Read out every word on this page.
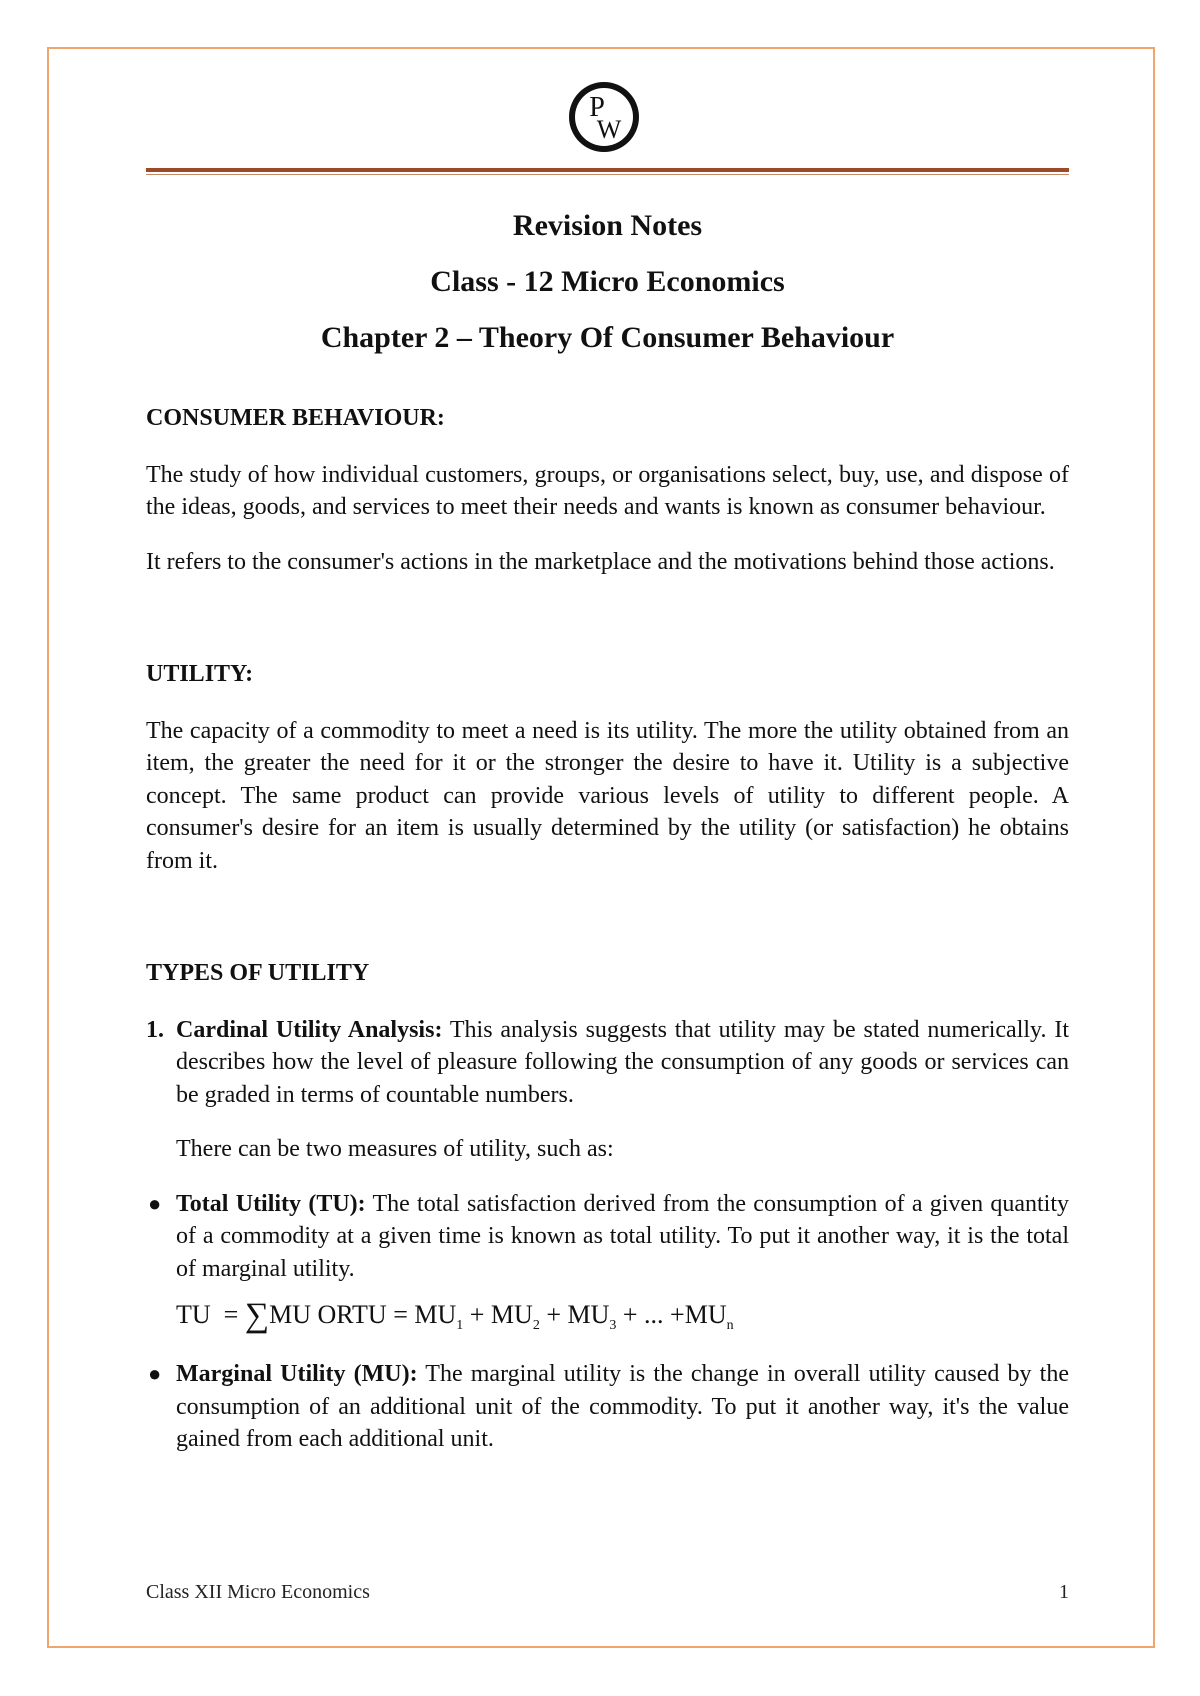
P
W
Revision Notes
Class - 12 Micro Economics
Chapter 2 – Theory Of Consumer Behaviour

CONSUMER BEHAVIOUR:

The study of how individual customers, groups, or organisations select, buy, use, and dispose of the ideas, goods, and services to meet their needs and wants is known as consumer behaviour.

It refers to the consumer's actions in the marketplace and the motivations behind those actions.

UTILITY:

The capacity of a commodity to meet a need is its utility. The more the utility obtained from an item, the greater the need for it or the stronger the desire to have it. Utility is a subjective concept. The same product can provide various levels of utility to different people. A consumer's desire for an item is usually determined by the utility (or satisfaction) he obtains from it.

TYPES OF UTILITY

1. Cardinal Utility Analysis: This analysis suggests that utility may be stated numerically. It describes how the level of pleasure following the consumption of any goods or services can be graded in terms of countable numbers.

There can be two measures of utility, such as:

● Total Utility (TU): The total satisfaction derived from the consumption of a given quantity of a commodity at a given time is known as total utility. To put it another way, it is the total of marginal utility.

TU = ∑MU ORTU = $MU_1 + MU_2 + MU_3$ + ... $+MU_n$

● Marginal Utility (MU): The marginal utility is the change in overall utility caused by the consumption of an additional unit of the commodity. To put it another way, it's the value gained from each additional unit.

Class XII Micro Economics	1
